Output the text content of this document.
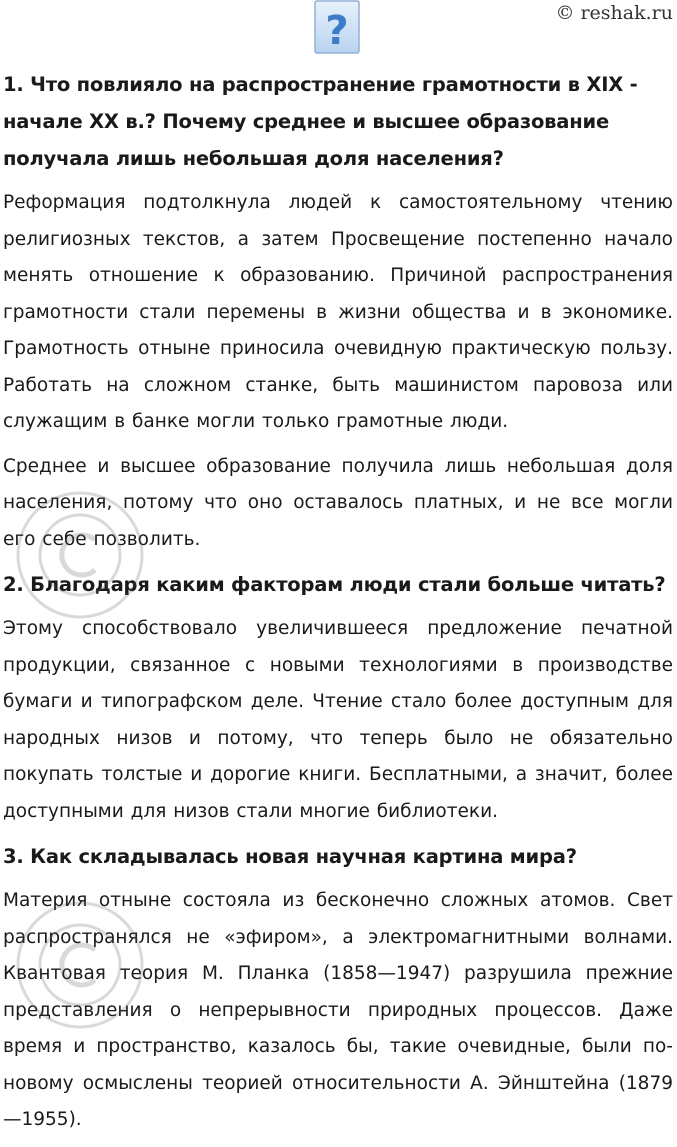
© reshak.ru
?
1. Что повлияло на распространение грамотности в XIX - начале XX в.? Почему среднее и высшее образование получала лишь небольшая доля населения?

Реформация подтолкнула людей к самостоятельному чтению религиозных текстов, а затем Просвещение постепенно начало менять отношение к образованию. Причиной распространения грамотности стали перемены в жизни общества и в экономике. Грамотность отныне приносила очевидную практическую пользу. Работать на сложном станке, быть машинистом паровоза или служащим в банке могли только грамотные люди.

Среднее и высшее образование получила лишь небольшая доля населения, потому что оно оставалось платных, и не все могли его себе позволить.

2. Благодаря каким факторам люди стали больше читать?

Этому способствовало увеличившееся предложение печатной продукции, связанное с новыми технологиями в производстве бумаги и типографском деле. Чтение стало более доступным для народных низов и потому, что теперь было не обязательно покупать толстые и дорогие книги. Бесплатными, а значит, более доступными для низов стали многие библиотеки.

3. Как складывалась новая научная картина мира?

Материя отныне состояла из бесконечно сложных атомов. Свет распространялся не «эфиром», а электромагнитными волнами. Квантовая теория М. Планка (1858—1947) разрушила прежние представления о непрерывности природных процессов. Даже время и пространство, казалось бы, такие очевидные, были по-новому осмыслены теорией относительности А. Эйнштейна (1879—1955).
